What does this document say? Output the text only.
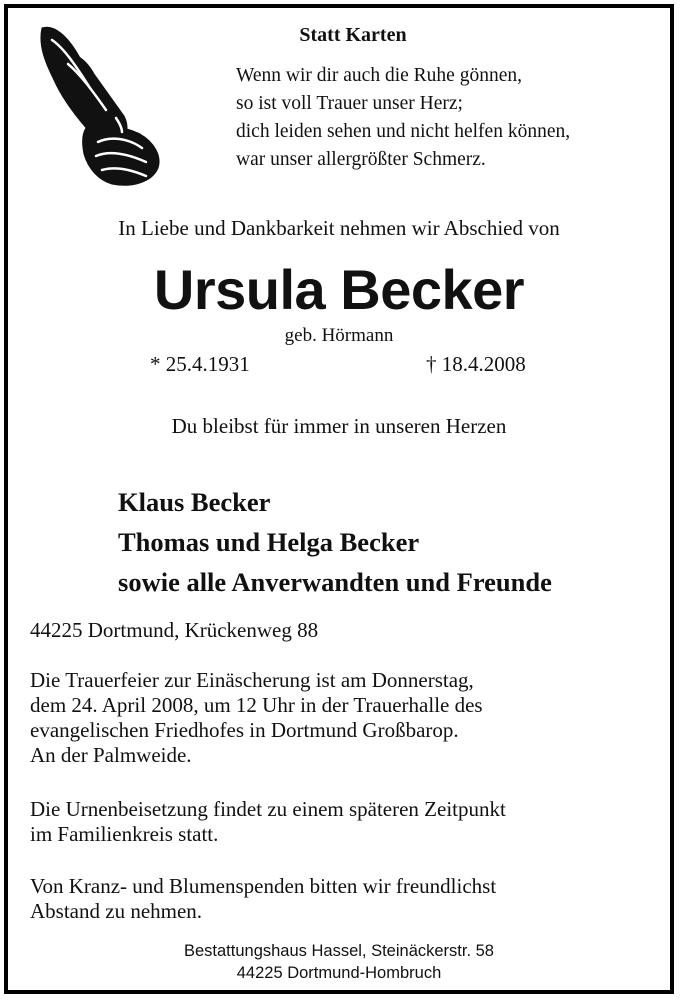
Statt Karten
Wenn wir dir auch die Ruhe gönnen,
so ist voll Trauer unser Herz;
dich leiden sehen und nicht helfen können,
war unser allergrößter Schmerz.
In Liebe und Dankbarkeit nehmen wir Abschied von
Ursula Becker
geb. Hörmann
* 25.4.1931	† 18.4.2008
Du bleibst für immer in unseren Herzen
Klaus Becker
Thomas und Helga Becker
sowie alle Anverwandten und Freunde
44225 Dortmund, Krückenweg 88
Die Trauerfeier zur Einäscherung ist am Donnerstag,
dem 24. April 2008, um 12 Uhr in der Trauerhalle des
evangelischen Friedhofes in Dortmund Großbarop.
An der Palmweide.
Die Urnenbeisetzung findet zu einem späteren Zeitpunkt
im Familienkreis statt.
Von Kranz- und Blumenspenden bitten wir freundlichst
Abstand zu nehmen.
Bestattungshaus Hassel, Steinäckerstr. 58
44225 Dortmund-Hombruch
